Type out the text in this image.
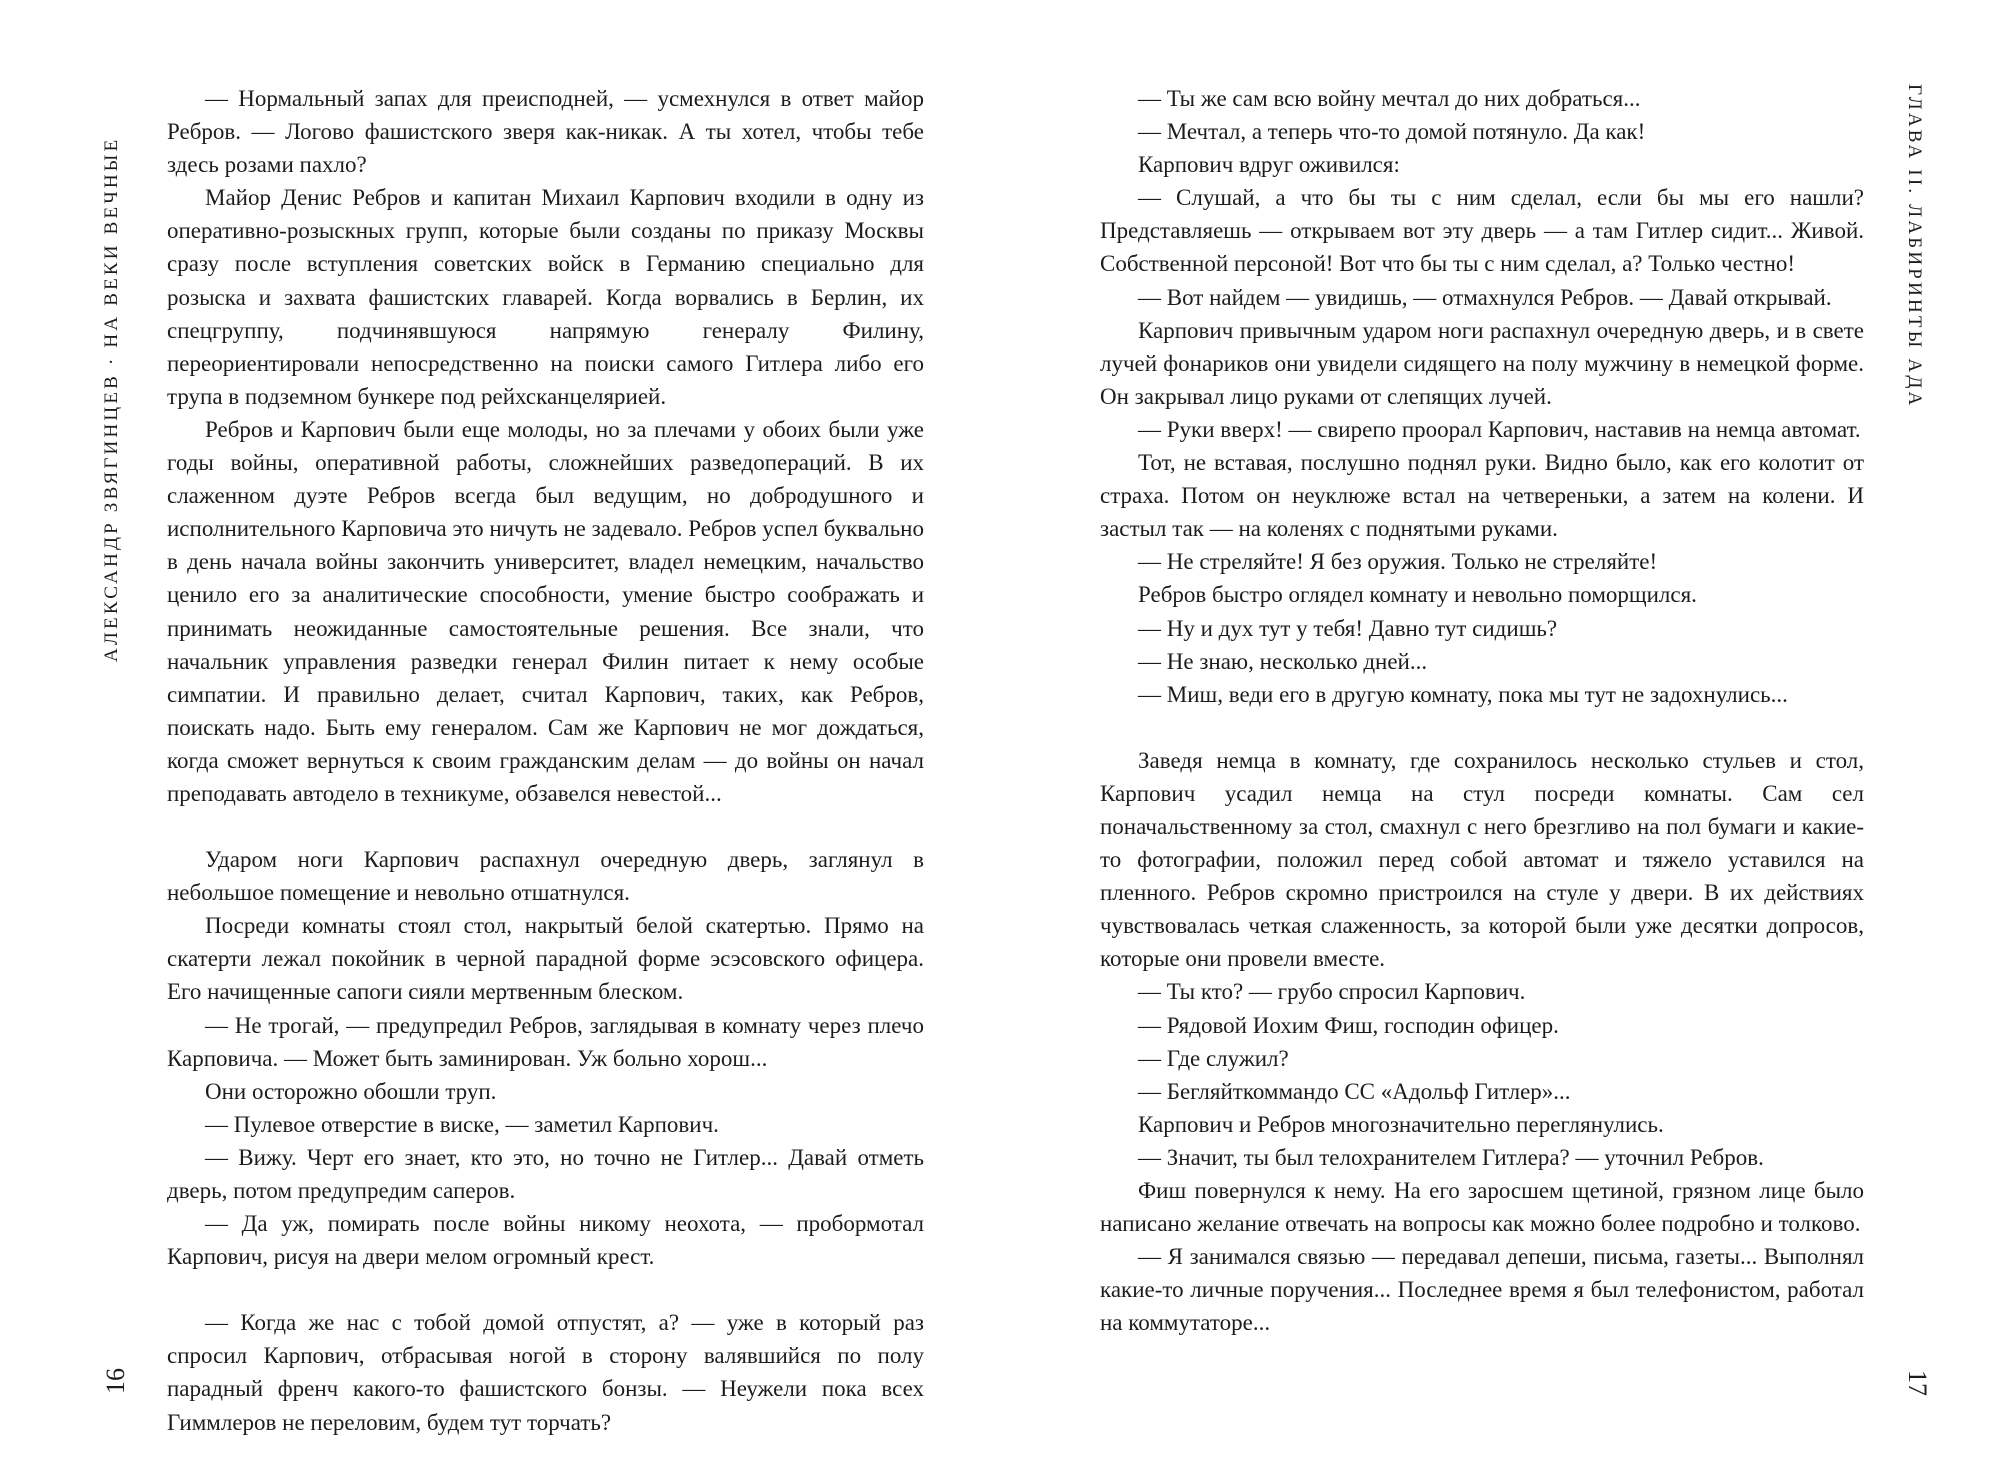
АЛЕКСАНДР ЗВЯГИНЦЕВ · НА ВЕКИ ВЕЧНЫЕ
16

— Нормальный запах для преисподней, — усмехнулся в ответ майор Ребров. — Логово фашистского зверя как-никак. А ты хотел, чтобы тебе здесь розами пахло?

Майор Денис Ребров и капитан Михаил Карпович входили в одну из оперативно-розыскных групп, которые были созданы по приказу Москвы сразу после вступления советских войск в Германию специально для розыска и захвата фашистских главарей. Когда ворвались в Берлин, их спецгруппу, подчинявшуюся напрямую генералу Филину, переориентировали непосредственно на поиски самого Гитлера либо его трупа в подземном бункере под рейхсканцелярией.

Ребров и Карпович были еще молоды, но за плечами у обоих были уже годы войны, оперативной работы, сложнейших разведопераций. В их слаженном дуэте Ребров всегда был ведущим, но добродушного и исполнительного Карповича это ничуть не задевало. Ребров успел буквально в день начала войны закончить университет, владел немецким, начальство ценило его за аналитические способности, умение быстро соображать и принимать неожиданные самостоятельные решения. Все знали, что начальник управления разведки генерал Филин питает к нему особые симпатии. И правильно делает, считал Карпович, таких, как Ребров, поискать надо. Быть ему генералом. Сам же Карпович не мог дождаться, когда сможет вернуться к своим гражданским делам — до войны он начал преподавать автодело в техникуме, обзавелся невестой...

Ударом ноги Карпович распахнул очередную дверь, заглянул в небольшое помещение и невольно отшатнулся.

Посреди комнаты стоял стол, накрытый белой скатертью. Прямо на скатерти лежал покойник в черной парадной форме эсэсовского офицера. Его начищенные сапоги сияли мертвенным блеском.

— Не трогай, — предупредил Ребров, заглядывая в комнату через плечо Карповича. — Может быть заминирован. Уж больно хорош...

Они осторожно обошли труп.

— Пулевое отверстие в виске, — заметил Карпович.

— Вижу. Черт его знает, кто это, но точно не Гитлер... Давай отметь дверь, потом предупредим саперов.

— Да уж, помирать после войны никому неохота, — пробормотал Карпович, рисуя на двери мелом огромный крест.

— Когда же нас с тобой домой отпустят, а? — уже в который раз спросил Карпович, отбрасывая ногой в сторону валявшийся по полу парадный френч какого-то фашистского бонзы. — Неужели пока всех Гиммлеров не переловим, будем тут торчать?

ГЛАВА II. ЛАБИРИНТЫ АДА
17

— Ты же сам всю войну мечтал до них добраться...

— Мечтал, а теперь что-то домой потянуло. Да как!

Карпович вдруг оживился:

— Слушай, а что бы ты с ним сделал, если бы мы его нашли? Представляешь — открываем вот эту дверь — а там Гитлер сидит... Живой. Собственной персоной! Вот что бы ты с ним сделал, а? Только честно!

— Вот найдем — увидишь, — отмахнулся Ребров. — Давай открывай.

Карпович привычным ударом ноги распахнул очередную дверь, и в свете лучей фонариков они увидели сидящего на полу мужчину в немецкой форме. Он закрывал лицо руками от слепящих лучей.

— Руки вверх! — свирепо проорал Карпович, наставив на немца автомат.

Тот, не вставая, послушно поднял руки. Видно было, как его колотит от страха. Потом он неуклюже встал на четвереньки, а затем на колени. И застыл так — на коленях с поднятыми руками.

— Не стреляйте! Я без оружия. Только не стреляйте!

Ребров быстро оглядел комнату и невольно поморщился.

— Ну и дух тут у тебя! Давно тут сидишь?

— Не знаю, несколько дней...

— Миш, веди его в другую комнату, пока мы тут не задохнулись...

Заведя немца в комнату, где сохранилось несколько стульев и стол, Карпович усадил немца на стул посреди комнаты. Сам сел поначальственному за стол, смахнул с него брезгливо на пол бумаги и какие-то фотографии, положил перед собой автомат и тяжело уставился на пленного. Ребров скромно пристроился на стуле у двери. В их действиях чувствовалась четкая слаженность, за которой были уже десятки допросов, которые они провели вместе.

— Ты кто? — грубо спросил Карпович.

— Рядовой Иохим Фиш, господин офицер.

— Где служил?

— Бегляйткоммандо СС «Адольф Гитлер»...

Карпович и Ребров многозначительно переглянулись.

— Значит, ты был телохранителем Гитлера? — уточнил Ребров.

Фиш повернулся к нему. На его заросшем щетиной, грязном лице было написано желание отвечать на вопросы как можно более подробно и толково.

— Я занимался связью — передавал депеши, письма, газеты... Выполнял какие-то личные поручения... Последнее время я был телефонистом, работал на коммутаторе...
